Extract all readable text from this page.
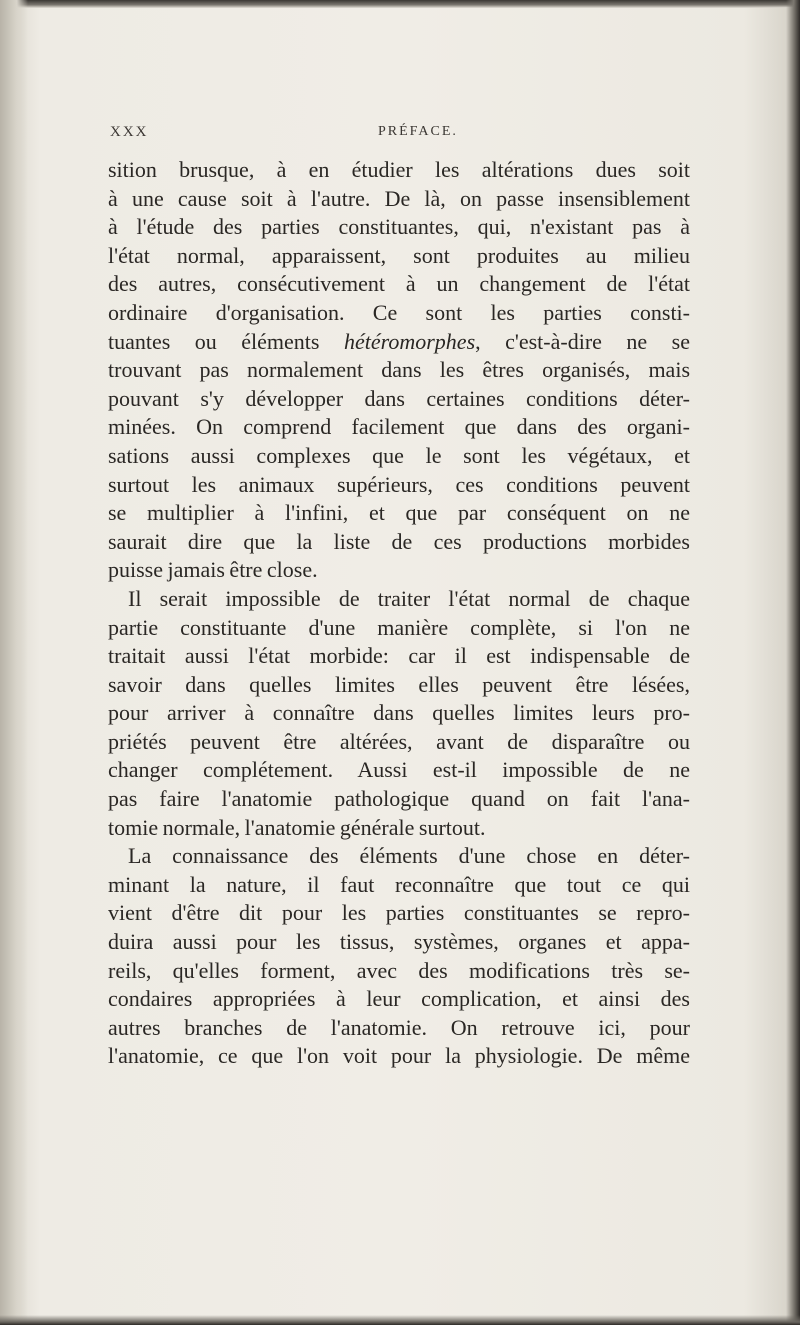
XXX	PRÉFACE.
sition brusque, à en étudier les altérations dues soit
à une cause soit à l'autre. De là, on passe insensiblement
à l'étude des parties constituantes, qui, n'existant pas à
l'état normal, apparaissent, sont produites au milieu
des autres, consécutivement à un changement de l'état
ordinaire d'organisation. Ce sont les parties consti-
tuantes ou éléments hétéromorphes, c'est-à-dire ne se
trouvant pas normalement dans les êtres organisés, mais
pouvant s'y développer dans certaines conditions déter-
minées. On comprend facilement que dans des organi-
sations aussi complexes que le sont les végétaux, et
surtout les animaux supérieurs, ces conditions peuvent
se multiplier à l'infini, et que par conséquent on ne
saurait dire que la liste de ces productions morbides
puisse jamais être close.
Il serait impossible de traiter l'état normal de chaque
partie constituante d'une manière complète, si l'on ne
traitait aussi l'état morbide: car il est indispensable de
savoir dans quelles limites elles peuvent être lésées,
pour arriver à connaître dans quelles limites leurs pro-
priétés peuvent être altérées, avant de disparaître ou
changer complétement. Aussi est-il impossible de ne
pas faire l'anatomie pathologique quand on fait l'ana-
tomie normale, l'anatomie générale surtout.
La connaissance des éléments d'une chose en déter-
minant la nature, il faut reconnaître que tout ce qui
vient d'être dit pour les parties constituantes se repro-
duira aussi pour les tissus, systèmes, organes et appa-
reils, qu'elles forment, avec des modifications très se-
condaires appropriées à leur complication, et ainsi des
autres branches de l'anatomie. On retrouve ici, pour
l'anatomie, ce que l'on voit pour la physiologie. De même
